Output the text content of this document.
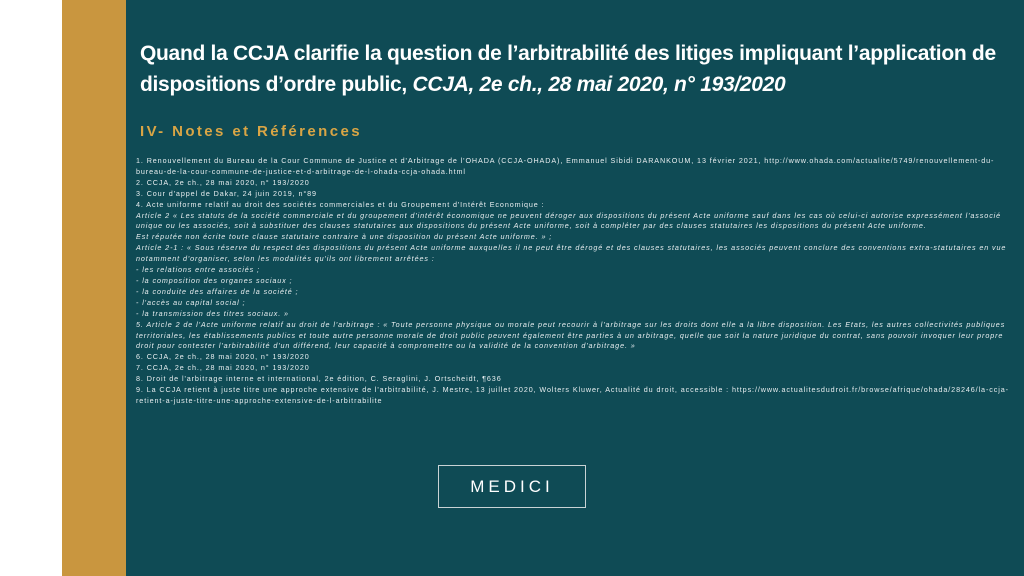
Quand la CCJA clarifie la question de l’arbitrabilité des litiges impliquant l’application de dispositions d’ordre public, CCJA, 2e ch., 28 mai 2020, n° 193/2020
IV- Notes et Références

1. Renouvellement du Bureau de la Cour Commune de Justice et d'Arbitrage de l'OHADA (CCJA-OHADA), Emmanuel Sibidi DARANKOUM, 13 février 2021, http://www.ohada.com/actualite/5749/renouvellement-du-bureau-de-la-cour-commune-de-justice-et-d-arbitrage-de-l-ohada-ccja-ohada.html

2. CCJA, 2e ch., 28 mai 2020, n° 193/2020

3. Cour d'appel de Dakar, 24 juin 2019, n°89

4. Acte uniforme relatif au droit des sociétés commerciales et du Groupement d'Intérêt Economique :

Article 2 « Les statuts de la société commerciale et du groupement d'intérêt économique ne peuvent déroger aux dispositions du présent Acte uniforme sauf dans les cas où celui-ci autorise expressément l'associé unique ou les associés, soit à substituer des clauses statutaires aux dispositions du présent Acte uniforme, soit à compléter par des clauses statutaires les dispositions du présent Acte uniforme.

Est réputée non écrite toute clause statutaire contraire à une disposition du présent Acte uniforme. » ;

Article 2-1 : « Sous réserve du respect des dispositions du présent Acte uniforme auxquelles il ne peut être dérogé et des clauses statutaires, les associés peuvent conclure des conventions extra-statutaires en vue notamment d'organiser, selon les modalités qu'ils ont librement arrêtées :

- les relations entre associés ;

- la composition des organes sociaux ;

- la conduite des affaires de la société ;

- l'accès au capital social ;

- la transmission des titres sociaux. »

5. Article 2 de l'Acte uniforme relatif au droit de l'arbitrage : « Toute personne physique ou morale peut recourir à l'arbitrage sur les droits dont elle a la libre disposition. Les Etats, les autres collectivités publiques territoriales, les établissements publics et toute autre personne morale de droit public peuvent également être parties à un arbitrage, quelle que soit la nature juridique du contrat, sans pouvoir invoquer leur propre droit pour contester l'arbitrabilité d'un différend, leur capacité à compromettre ou la validité de la convention d'arbitrage. »

6. CCJA, 2e ch., 28 mai 2020, n° 193/2020

7. CCJA, 2e ch., 28 mai 2020, n° 193/2020

8. Droit de l'arbitrage interne et international, 2e édition, C. Seraglini, J. Ortscheidt, ¶636

9. La CCJA retient à juste titre une approche extensive de l'arbitrabilité, J. Mestre, 13 juillet 2020, Wolters Kluwer, Actualité du droit, accessible : https://www.actualitesdudroit.fr/browse/afrique/ohada/28246/la-ccja-retient-a-juste-titre-une-approche-extensive-de-l-arbitrabilite

MEDICI
